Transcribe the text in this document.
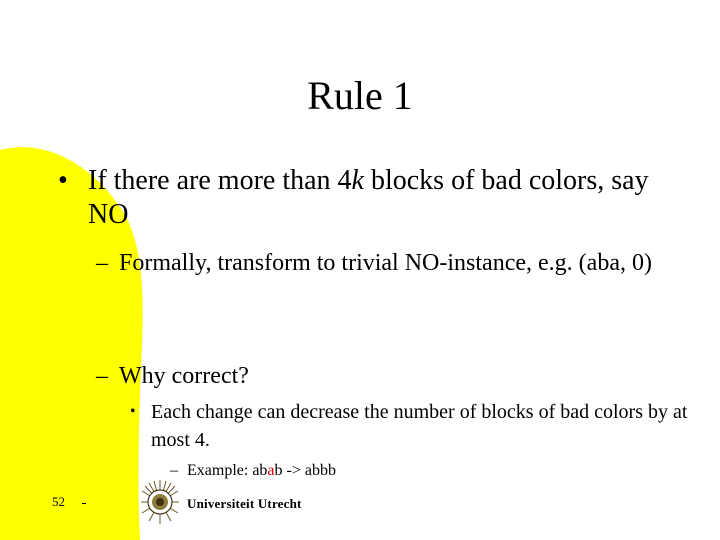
Rule 1
• If there are more than 4k blocks of bad colors, say NO
– Formally, transform to trivial NO-instance, e.g. (aba, 0)
– Why correct?
• Each change can decrease the number of blocks of bad colors by at most 4.
– Example: abab -> abbb
52	Universiteit Utrecht
